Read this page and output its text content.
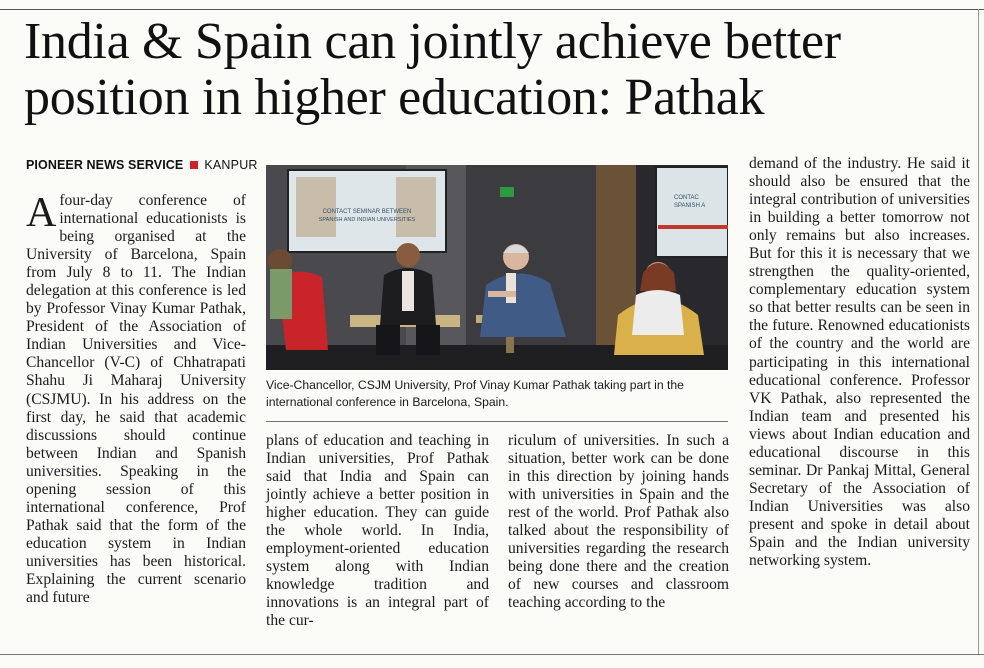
India & Spain can jointly achieve better
position in higher education: Pathak
PIONEER NEWS SERVICE KANPUR

Afour-day conference of international educationists is being organised at the University of Barcelona, Spain from July 8 to 11. The Indian delegation at this conference is led by Professor Vinay Kumar Pathak, President of the Association of Indian Universities and Vice-Chancellor (V-C) of Chhatrapati Shahu Ji Maharaj University (CSJMU). In his address on the first day, he said that academic discussions should continue between Indian and Spanish universities. Speaking in the opening session of this international conference, Prof Pathak said that the form of the education system in Indian universities has been historical. Explaining the current scenario and future

CONTACT SEMINAR BETWEEN
SPANISH AND INDIAN UNIVERSITIES
CONTAC
SPANISH A

Vice-Chancellor, CSJM University, Prof Vinay Kumar Pathak taking part in the international conference in Barcelona, Spain.

plans of education and teaching in Indian universities, Prof Pathak said that India and Spain can jointly achieve a better position in higher education. They can guide the whole world. In India, employment-oriented education system along with Indian knowledge tradition and innovations is an integral part of the cur-

riculum of universities. In such a situation, better work can be done in this direction by joining hands with universities in Spain and the rest of the world. Prof Pathak also talked about the responsibility of universities regarding the research being done there and the creation of new courses and classroom teaching according to the

demand of the industry. He said it should also be ensured that the integral contribution of universities in building a better tomorrow not only remains but also increases. But for this it is necessary that we strengthen the quality-oriented, complementary education system so that better results can be seen in the future. Renowned educationists of the country and the world are participating in this international educational conference. Professor VK Pathak, also represented the Indian team and presented his views about Indian education and educational discourse in this seminar. Dr Pankaj Mittal, General Secretary of the Association of Indian Universities was also present and spoke in detail about Spain and the Indian university networking system.
